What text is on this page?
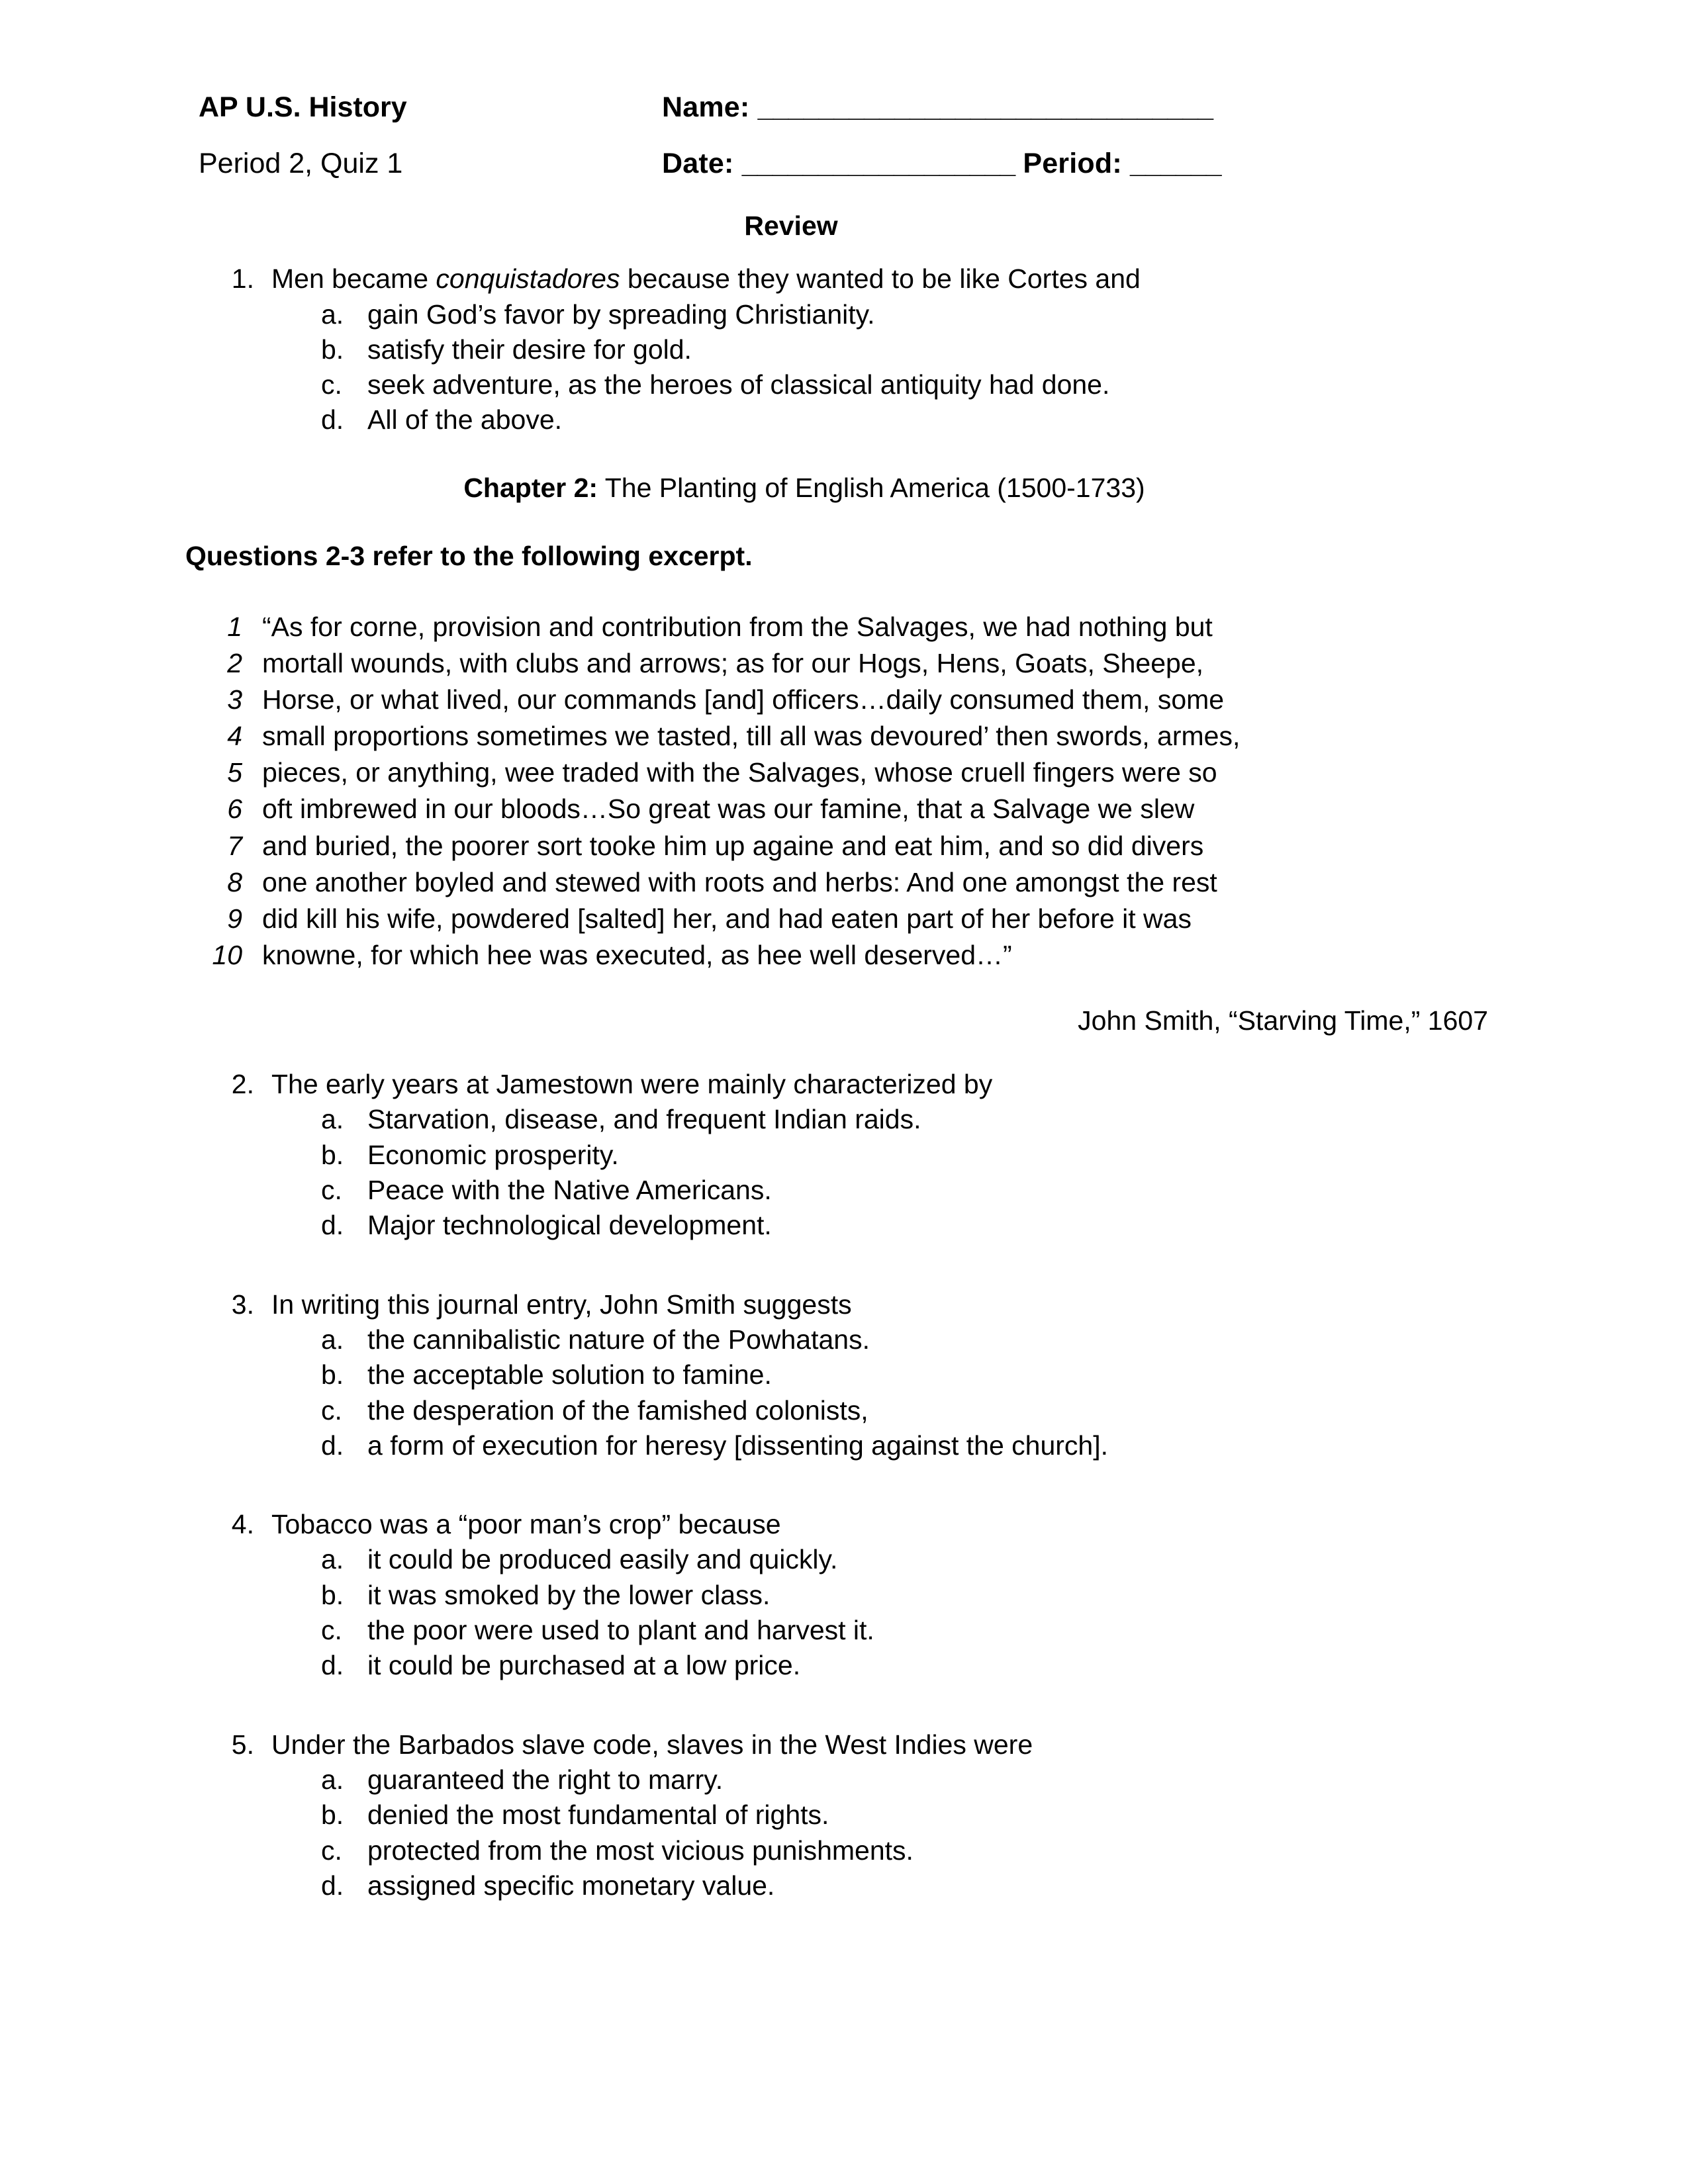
AP U.S. History	Name: ______________________________
Period 2, Quiz 1	Date: __________________ Period: ______
Review
1. Men became conquistadores because they wanted to be like Cortes and
a. gain God’s favor by spreading Christianity.
b. satisfy their desire for gold.
c. seek adventure, as the heroes of classical antiquity had done.
d. All of the above.
Chapter 2: The Planting of English America (1500-1733)
Questions 2-3 refer to the following excerpt.
1 “As for corne, provision and contribution from the Salvages, we had nothing but
2 mortall wounds, with clubs and arrows; as for our Hogs, Hens, Goats, Sheepe,
3 Horse, or what lived, our commands [and] officers…daily consumed them, some
4 small proportions sometimes we tasted, till all was devoured’ then swords, armes,
5 pieces, or anything, wee traded with the Salvages, whose cruell fingers were so
6 oft imbrewed in our bloods…So great was our famine, that a Salvage we slew
7 and buried, the poorer sort tooke him up againe and eat him, and so did divers
8 one another boyled and stewed with roots and herbs: And one amongst the rest
9 did kill his wife, powdered [salted] her, and had eaten part of her before it was
10 knowne, for which hee was executed, as hee well deserved…”
John Smith, “Starving Time,” 1607
2. The early years at Jamestown were mainly characterized by
a. Starvation, disease, and frequent Indian raids.
b. Economic prosperity.
c. Peace with the Native Americans.
d. Major technological development.
3. In writing this journal entry, John Smith suggests
a. the cannibalistic nature of the Powhatans.
b. the acceptable solution to famine.
c. the desperation of the famished colonists,
d. a form of execution for heresy [dissenting against the church].
4. Tobacco was a “poor man’s crop” because
a. it could be produced easily and quickly.
b. it was smoked by the lower class.
c. the poor were used to plant and harvest it.
d. it could be purchased at a low price.
5. Under the Barbados slave code, slaves in the West Indies were
a. guaranteed the right to marry.
b. denied the most fundamental of rights.
c. protected from the most vicious punishments.
d. assigned specific monetary value.
